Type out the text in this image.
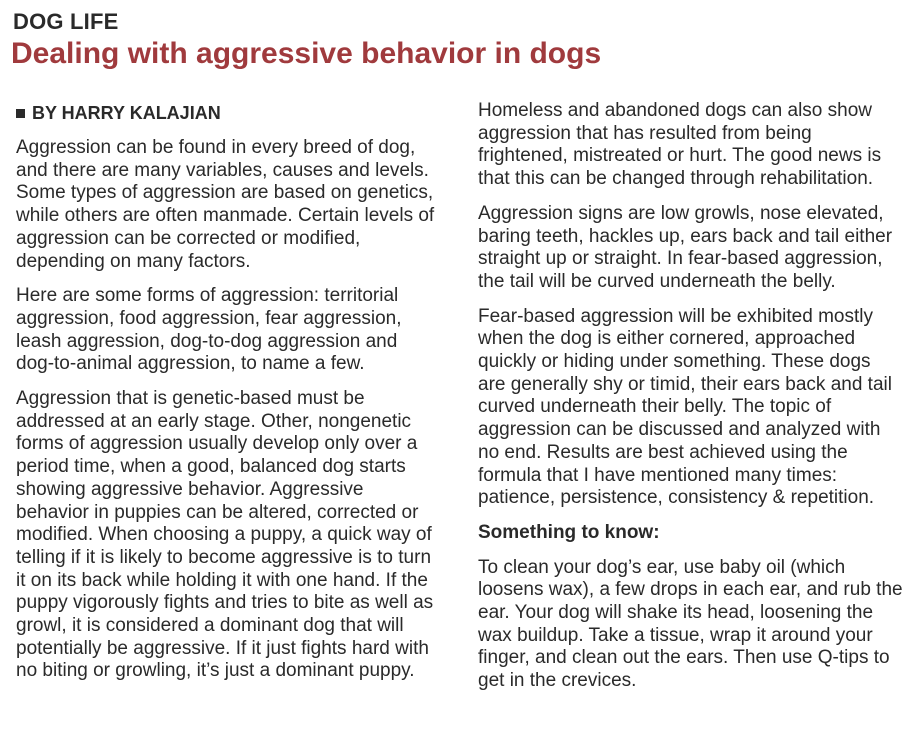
DOG LIFE
Dealing with aggressive behavior in dogs
BY HARRY KALAJIAN

Aggression can be found in every breed of dog, and there are many variables, causes and levels. Some types of aggression are based on genetics, while others are often manmade. Certain levels of aggression can be corrected or modified, depending on many factors.

Here are some forms of aggression: territorial aggression, food aggression, fear aggression, leash aggression, dog-to-dog aggression and dog-to-animal aggression, to name a few.

Aggression that is genetic-based must be addressed at an early stage. Other, nongenetic forms of aggression usually develop only over a period time, when a good, balanced dog starts showing aggressive behavior. Aggressive behavior in puppies can be altered, corrected or modified. When choosing a puppy, a quick way of telling if it is likely to become aggressive is to turn it on its back while holding it with one hand. If the puppy vigorously fights and tries to bite as well as growl, it is considered a dominant dog that will potentially be aggressive. If it just fights hard with no biting or growling, it’s just a dominant puppy.

Homeless and abandoned dogs can also show aggression that has resulted from being frightened, mistreated or hurt. The good news is that this can be changed through rehabilitation.

Aggression signs are low growls, nose elevated, baring teeth, hackles up, ears back and tail either straight up or straight. In fear-based aggression, the tail will be curved underneath the belly.

Fear-based aggression will be exhibited mostly when the dog is either cornered, approached quickly or hiding under something. These dogs are generally shy or timid, their ears back and tail curved underneath their belly. The topic of aggression can be discussed and analyzed with no end. Results are best achieved using the formula that I have mentioned many times: patience, persistence, consistency & repetition.

Something to know:

To clean your dog’s ear, use baby oil (which loosens wax), a few drops in each ear, and rub the ear. Your dog will shake its head, loosening the wax buildup. Take a tissue, wrap it around your finger, and clean out the ears. Then use Q-tips to get in the crevices.
